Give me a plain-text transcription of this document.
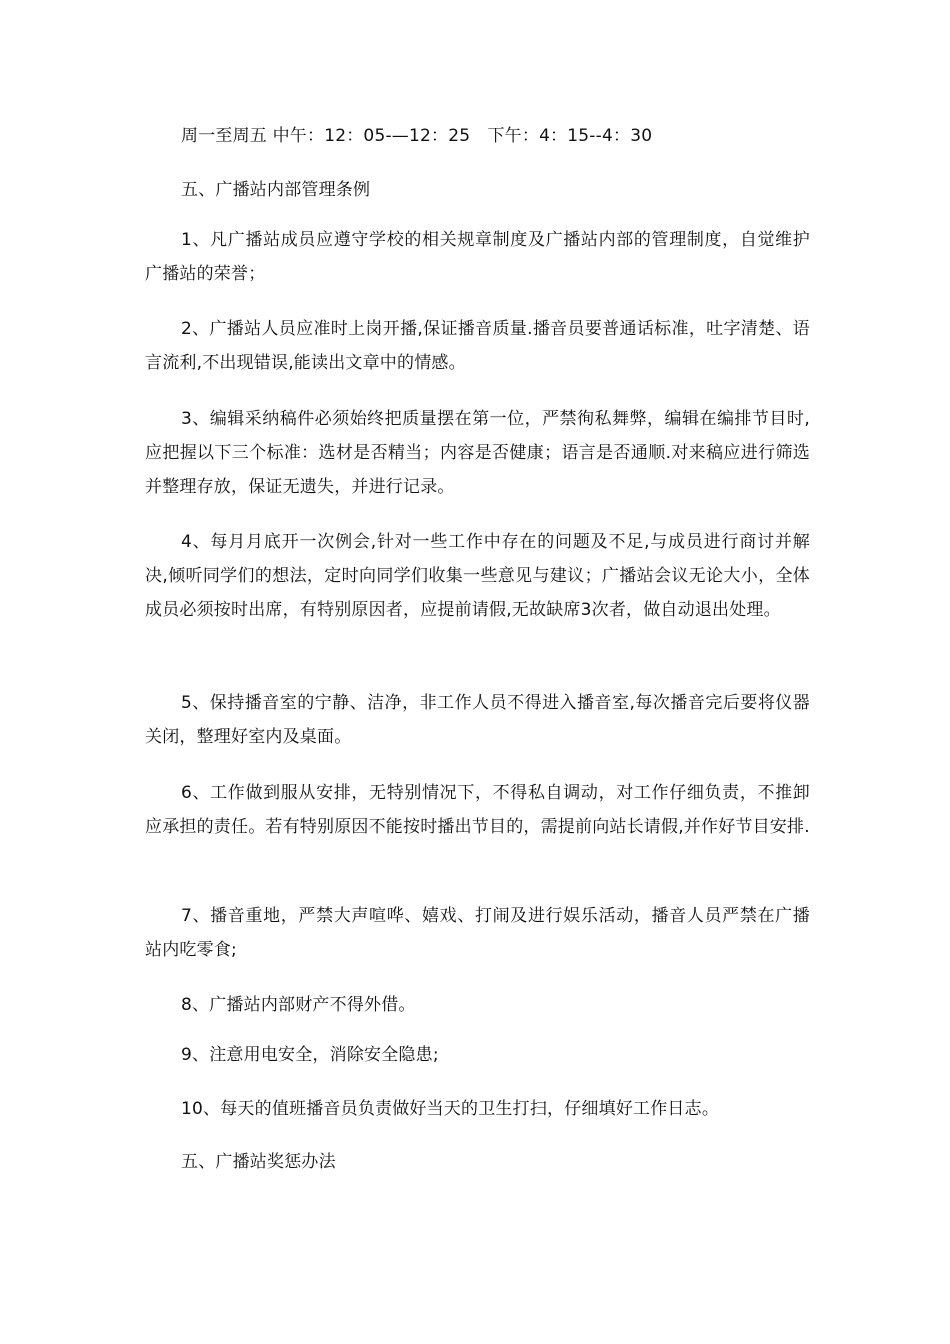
周一至周五 中午：12：05-—12：25　下午：4：15--4：30

五、广播站内部管理条例

1、凡广播站成员应遵守学校的相关规章制度及广播站内部的管理制度，自觉维护广播站的荣誉；

2、广播站人员应准时上岗开播,保证播音质量.播音员要普通话标准，吐字清楚、语言流利,不出现错误,能读出文章中的情感。

3、编辑采纳稿件必须始终把质量摆在第一位，严禁徇私舞弊，编辑在编排节目时,应把握以下三个标准：选材是否精当；内容是否健康；语言是否通顺.对来稿应进行筛选并整理存放，保证无遗失，并进行记录。

4、每月月底开一次例会,针对一些工作中存在的问题及不足,与成员进行商讨并解决,倾听同学们的想法，定时向同学们收集一些意见与建议；广播站会议无论大小，全体成员必须按时出席，有特别原因者，应提前请假,无故缺席3次者，做自动退出处理。

5、保持播音室的宁静、洁净，非工作人员不得进入播音室,每次播音完后要将仪器关闭，整理好室内及桌面。

6、工作做到服从安排，无特别情况下，不得私自调动，对工作仔细负责，不推卸应承担的责任。若有特别原因不能按时播出节目的，需提前向站长请假,并作好节目安排.

7、播音重地，严禁大声喧哗、嬉戏、打闹及进行娱乐活动，播音人员严禁在广播站内吃零食;

8、广播站内部财产不得外借。

9、注意用电安全，消除安全隐患;

10、每天的值班播音员负责做好当天的卫生打扫，仔细填好工作日志。

五、广播站奖惩办法
